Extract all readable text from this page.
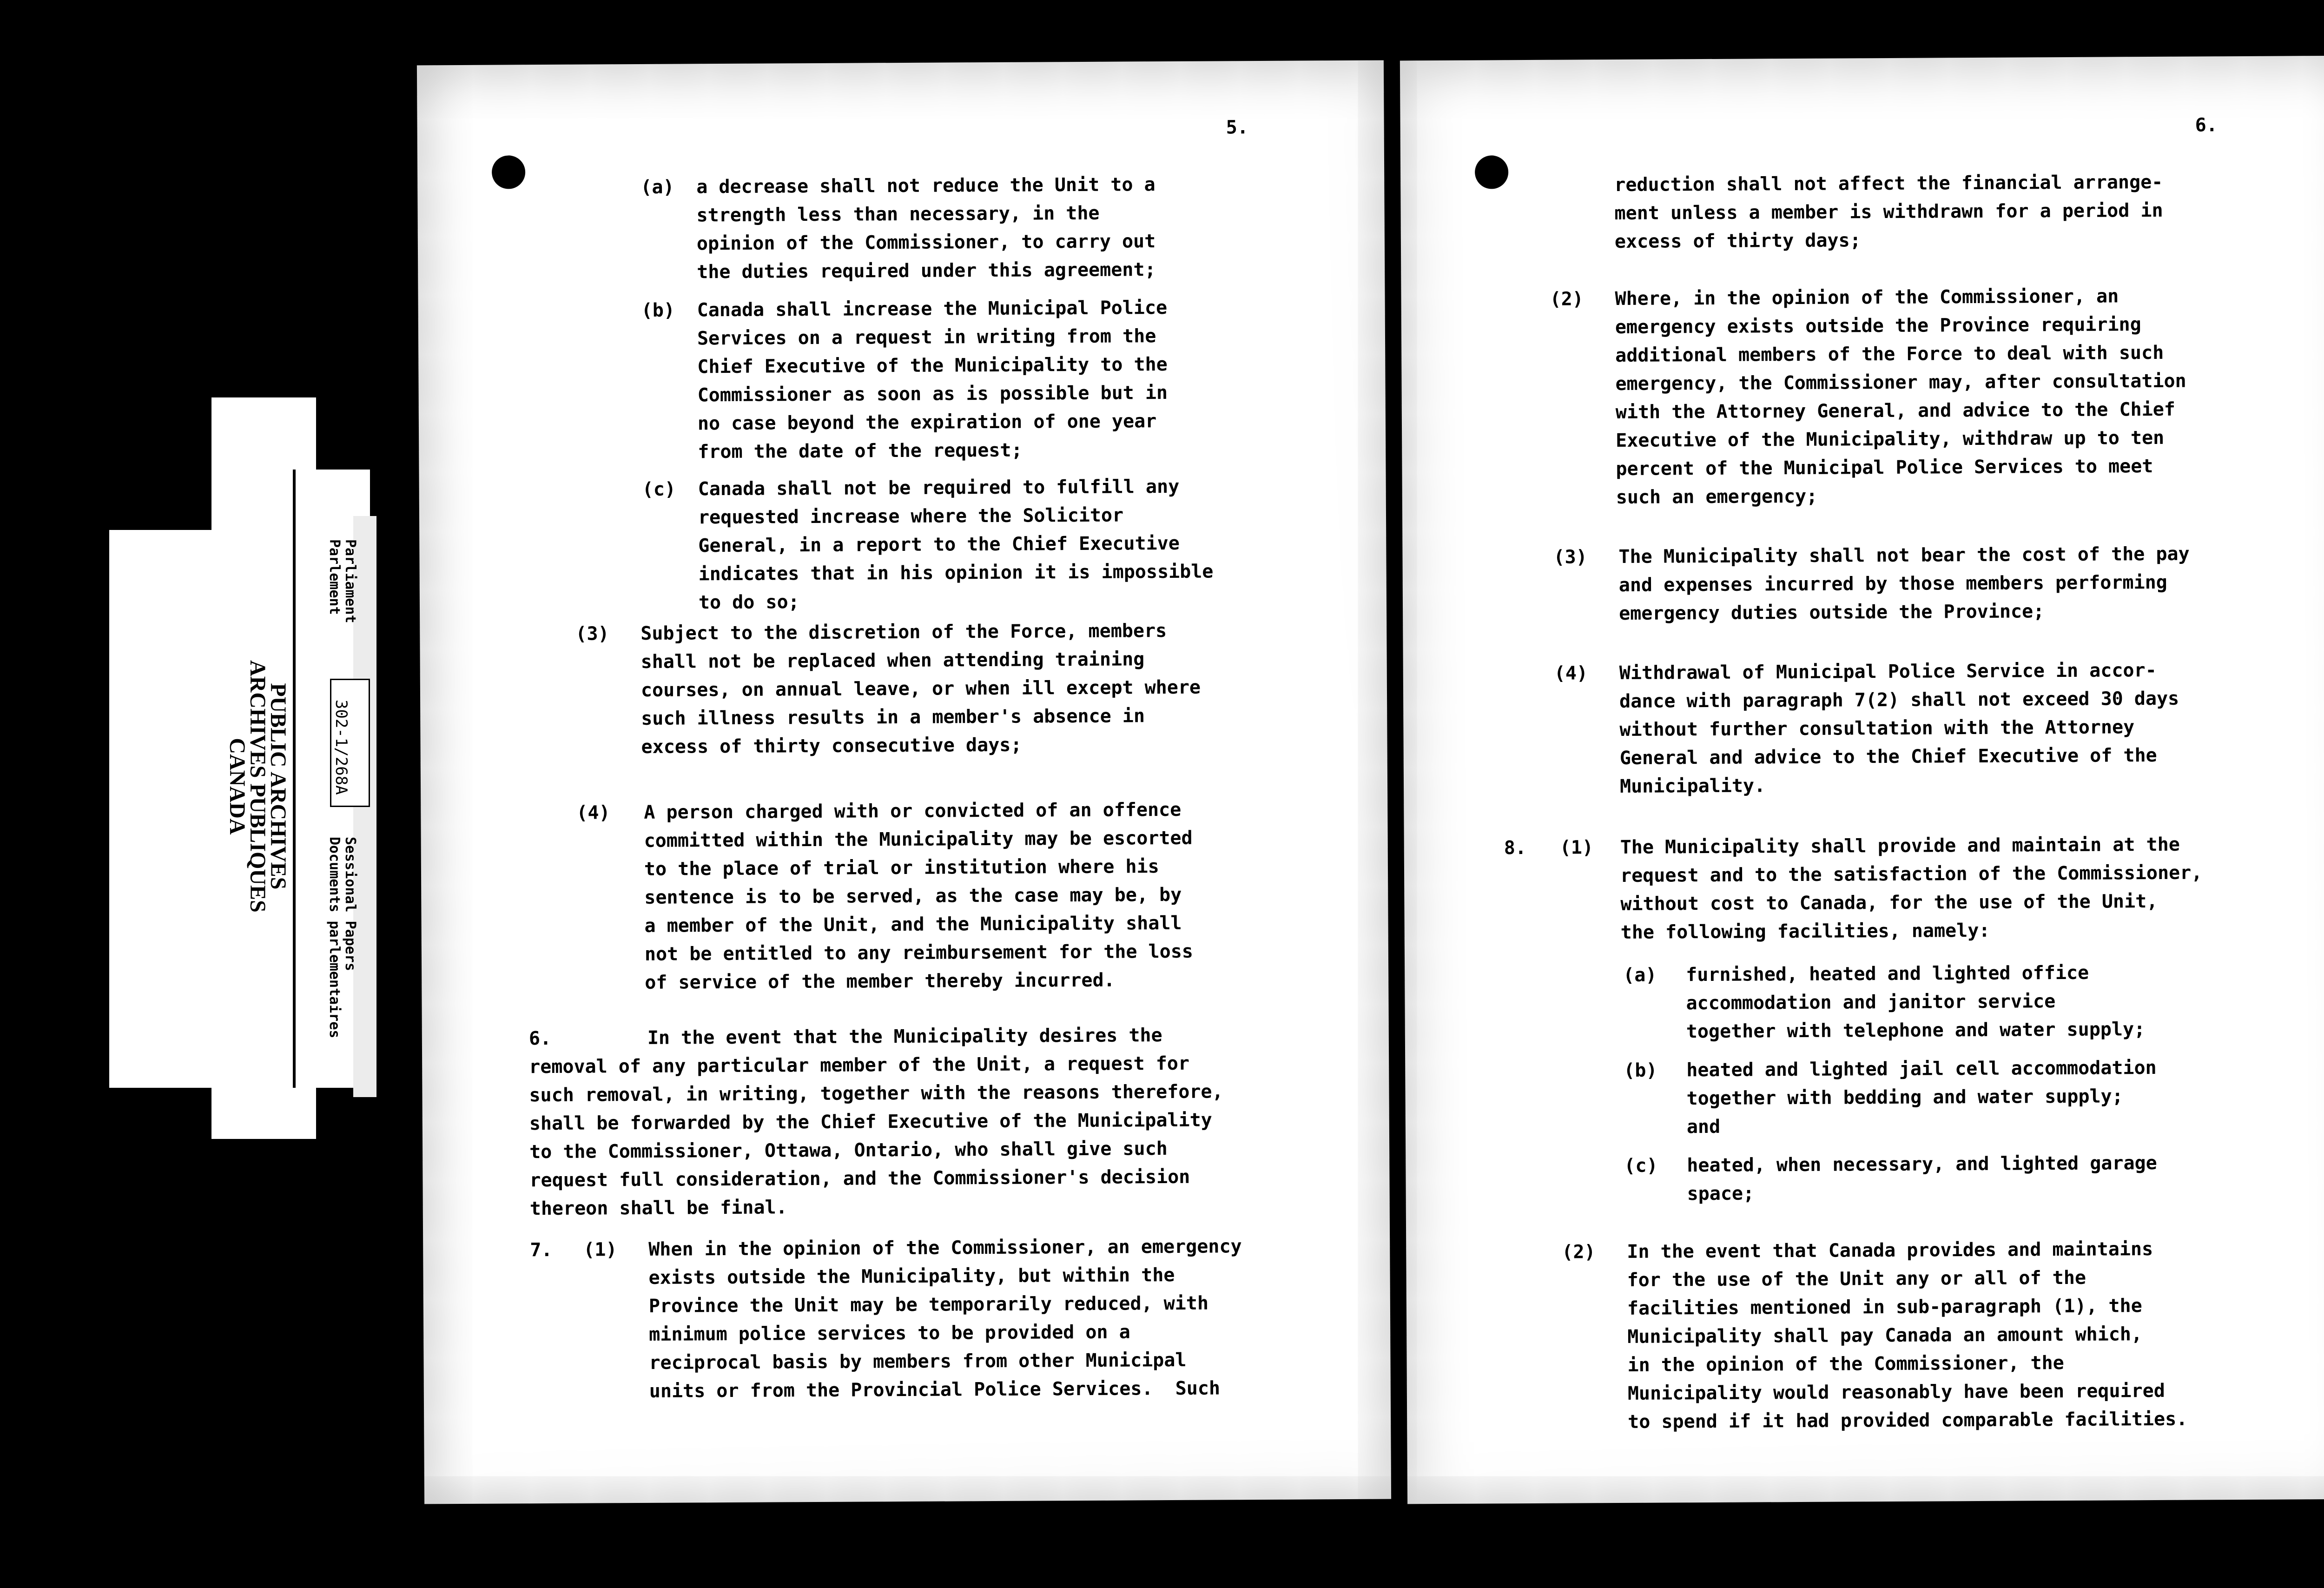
PUBLIC ARCHIVES
ARCHIVES PUBLIQUES
CANADA
Parliament
Parlement
302-1/268A
Sessional Papers
Documents parlementaires
5.
(a) a decrease shall not reduce the Unit to a
strength less than necessary, in the
opinion of the Commissioner, to carry out
the duties required under this agreement;
(b) Canada shall increase the Municipal Police
Services on a request in writing from the
Chief Executive of the Municipality to the
Commissioner as soon as is possible but in
no case beyond the expiration of one year
from the date of the request;
(c) Canada shall not be required to fulfill any
requested increase where the Solicitor
General, in a report to the Chief Executive
indicates that in his opinion it is impossible
to do so;
(3) Subject to the discretion of the Force, members
shall not be replaced when attending training
courses, on annual leave, or when ill except where
such illness results in a member's absence in
excess of thirty consecutive days;
(4) A person charged with or convicted of an offence
committed within the Municipality may be escorted
to the place of trial or institution where his
sentence is to be served, as the case may be, by
a member of the Unit, and the Municipality shall
not be entitled to any reimbursement for the loss
of service of the member thereby incurred.
6.	In the event that the Municipality desires the
removal of any particular member of the Unit, a request for
such removal, in writing, together with the reasons therefore,
shall be forwarded by the Chief Executive of the Municipality
to the Commissioner, Ottawa, Ontario, who shall give such
request full consideration, and the Commissioner's decision
thereon shall be final.
7. (1) When in the opinion of the Commissioner, an emergency
exists outside the Municipality, but within the
Province the Unit may be temporarily reduced, with
minimum police services to be provided on a
reciprocal basis by members from other Municipal
units or from the Provincial Police Services.  Such
6.
reduction shall not affect the financial arrange-
ment unless a member is withdrawn for a period in
excess of thirty days;
(2) Where, in the opinion of the Commissioner, an
emergency exists outside the Province requiring
additional members of the Force to deal with such
emergency, the Commissioner may, after consultation
with the Attorney General, and advice to the Chief
Executive of the Municipality, withdraw up to ten
percent of the Municipal Police Services to meet
such an emergency;
(3) The Municipality shall not bear the cost of the pay
and expenses incurred by those members performing
emergency duties outside the Province;
(4) Withdrawal of Municipal Police Service in accor-
dance with paragraph 7(2) shall not exceed 30 days
without further consultation with the Attorney
General and advice to the Chief Executive of the
Municipality.
8. (1) The Municipality shall provide and maintain at the
request and to the satisfaction of the Commissioner,
without cost to Canada, for the use of the Unit,
the following facilities, namely:
(a) furnished, heated and lighted office
accommodation and janitor service
together with telephone and water supply;
(b) heated and lighted jail cell accommodation
together with bedding and water supply;
and
(c) heated, when necessary, and lighted garage
space;
(2) In the event that Canada provides and maintains
for the use of the Unit any or all of the
facilities mentioned in sub-paragraph (1), the
Municipality shall pay Canada an amount which,
in the opinion of the Commissioner, the
Municipality would reasonably have been required
to spend if it had provided comparable facilities.
